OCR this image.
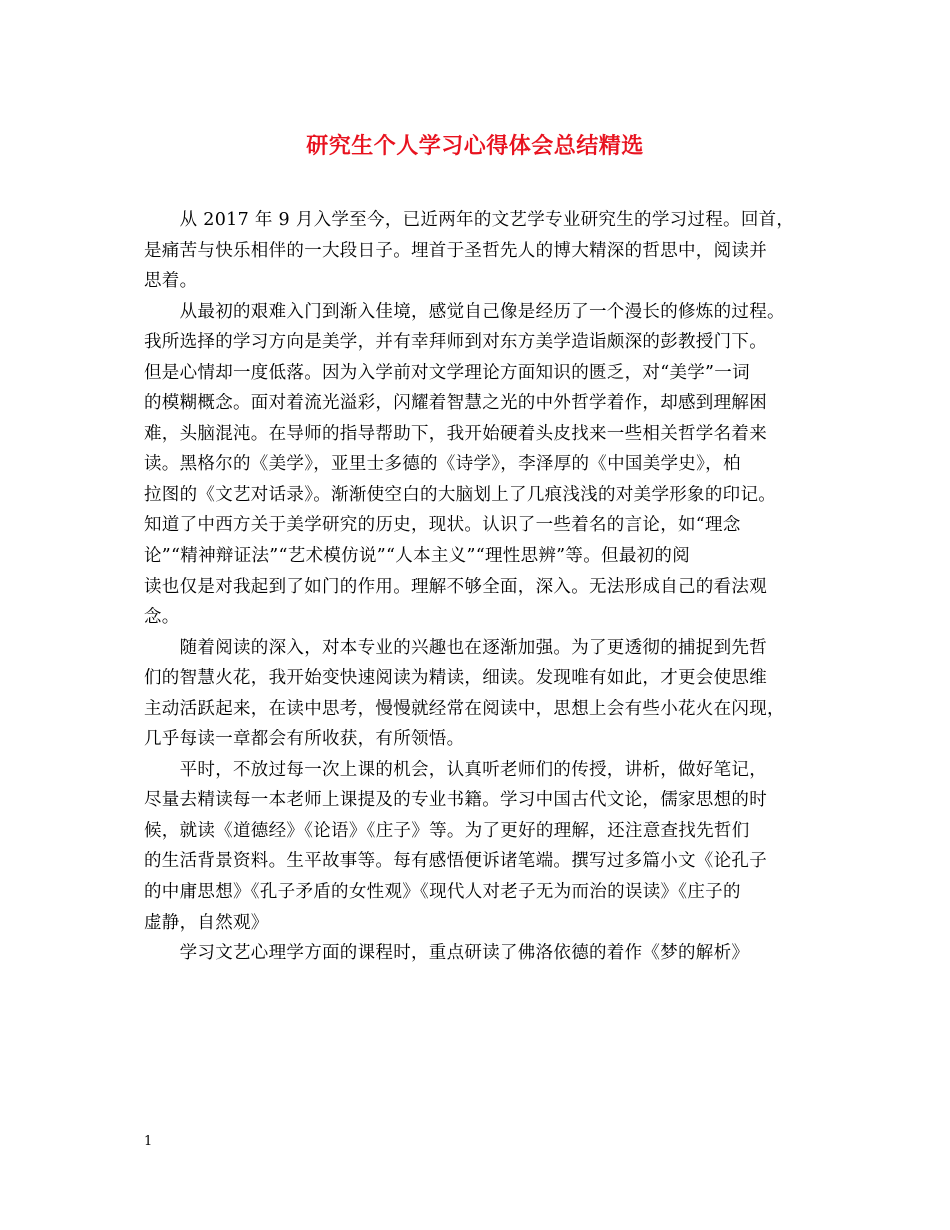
研究生个人学习心得体会总结精选
　　从 2017 年 9 月入学至今，已近两年的文艺学专业研究生的学习过程。回首，
是痛苦与快乐相伴的一大段日子。埋首于圣哲先人的博大精深的哲思中，阅读并
思着。
　　从最初的艰难入门到渐入佳境，感觉自己像是经历了一个漫长的修炼的过程。
我所选择的学习方向是美学，并有幸拜师到对东方美学造诣颇深的彭教授门下。
但是心情却一度低落。因为入学前对文学理论方面知识的匮乏，对“美学”一词
的模糊概念。面对着流光溢彩，闪耀着智慧之光的中外哲学着作，却感到理解困
难，头脑混沌。在导师的指导帮助下，我开始硬着头皮找来一些相关哲学名着来
读。黑格尔的《美学》，亚里士多德的《诗学》，李泽厚的《中国美学史》，柏
拉图的《文艺对话录》。渐渐使空白的大脑划上了几痕浅浅的对美学形象的印记。
知道了中西方关于美学研究的历史，现状。认识了一些着名的言论，如“理念
论”“精神辩证法”“艺术模仿说”“人本主义”“理性思辨”等。但最初的阅
读也仅是对我起到了如门的作用。理解不够全面，深入。无法形成自己的看法观
念。
　　随着阅读的深入，对本专业的兴趣也在逐渐加强。为了更透彻的捕捉到先哲
们的智慧火花，我开始变快速阅读为精读，细读。发现唯有如此，才更会使思维
主动活跃起来，在读中思考，慢慢就经常在阅读中，思想上会有些小花火在闪现，
几乎每读一章都会有所收获，有所领悟。
　　平时，不放过每一次上课的机会，认真听老师们的传授，讲析，做好笔记，
尽量去精读每一本老师上课提及的专业书籍。学习中国古代文论，儒家思想的时
候，就读《道德经》《论语》《庄子》等。为了更好的理解，还注意查找先哲们
的生活背景资料。生平故事等。每有感悟便诉诸笔端。撰写过多篇小文《论孔子
的中庸思想》《孔子矛盾的女性观》《现代人对老子无为而治的误读》《庄子的
虚静，自然观》
　　学习文艺心理学方面的课程时，重点研读了佛洛依德的着作《梦的解析》
1
